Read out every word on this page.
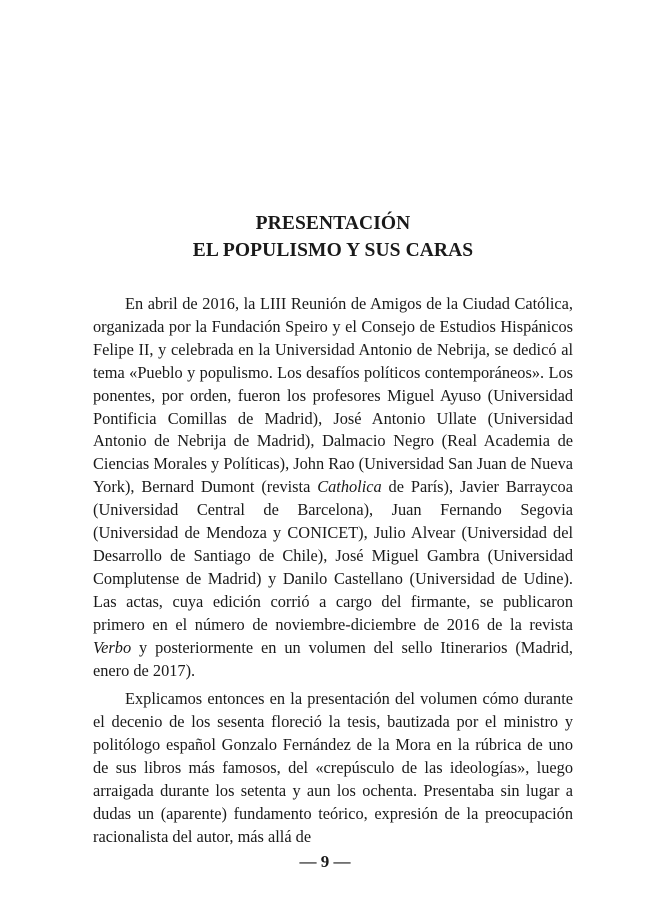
PRESENTACIÓN
EL POPULISMO Y SUS CARAS

En abril de 2016, la LIII Reunión de Amigos de la Ciudad Católica, organizada por la Fundación Speiro y el Consejo de Estudios Hispánicos Felipe II, y celebrada en la Universidad Antonio de Nebrija, se dedicó al tema «Pueblo y populismo. Los desafíos políticos contemporáneos». Los ponentes, por orden, fueron los profesores Miguel Ayuso (Universidad Pontificia Comillas de Madrid), José Antonio Ullate (Universidad Antonio de Nebrija de Madrid), Dalmacio Negro (Real Academia de Ciencias Morales y Políticas), John Rao (Universidad San Juan de Nueva York), Bernard Dumont (revista Catholica de París), Javier Barraycoa (Universidad Central de Barcelona), Juan Fernando Segovia (Universidad de Mendoza y CONICET), Julio Alvear (Universidad del Desarrollo de Santiago de Chile), José Miguel Gambra (Universidad Complutense de Madrid) y Danilo Castellano (Universidad de Udine). Las actas, cuya edición corrió a cargo del firmante, se publicaron primero en el número de noviembre-diciembre de 2016 de la revista Verbo y posteriormente en un volumen del sello Itinerarios (Madrid, enero de 2017).

Explicamos entonces en la presentación del volumen cómo durante el decenio de los sesenta floreció la tesis, bautizada por el ministro y politólogo español Gonzalo Fernández de la Mora en la rúbrica de uno de sus libros más famosos, del «crepúsculo de las ideologías», luego arraigada durante los setenta y aun los ochenta. Presentaba sin lugar a dudas un (aparente) fundamento teórico, expresión de la preocupación racionalista del autor, más allá de

— 9 —
